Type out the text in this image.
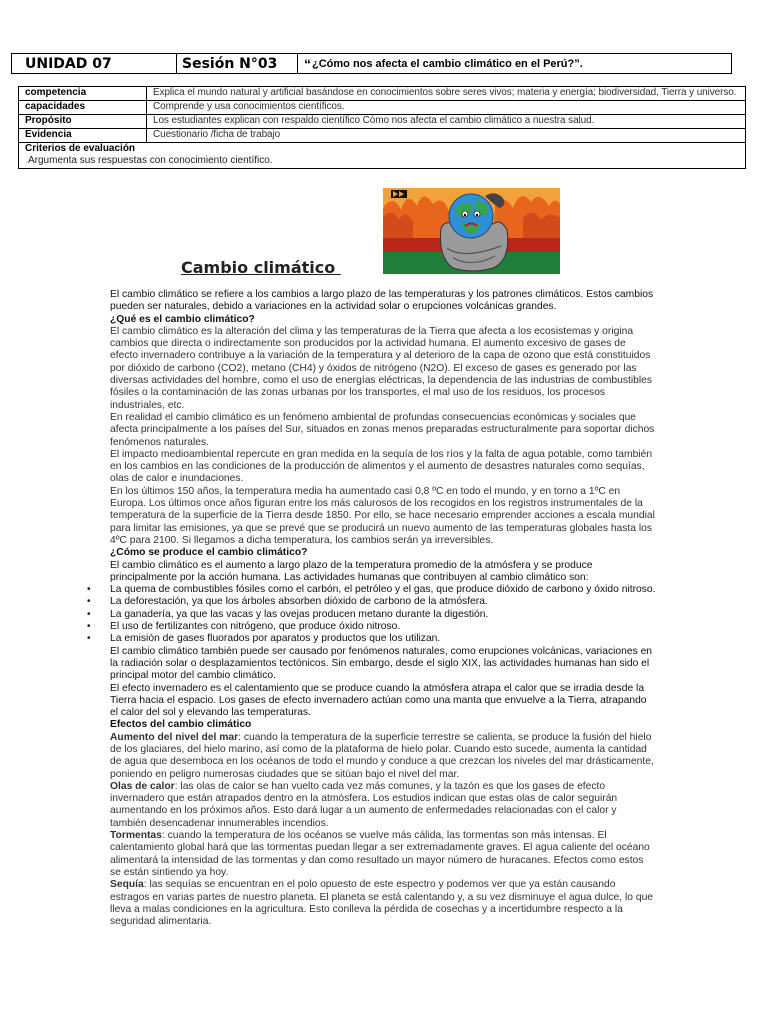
UNIDAD 07	Sesión N°03 “ ¿Cómo nos afecta el cambio climático en el Perú?”.
competencia	Explica el mundo natural y artificial basándose en conocimientos sobre seres vivos; materia y energía; biodiversidad, Tierra y universo.
capacidades	Comprende y usa conocimientos científicos.
Propósito	Los estudiantes explican con respaldo científico Cómo nos afecta el cambio climático a nuestra salud.
Evidencia	Cuestionario /ficha de trabajo
Criterios de evaluación
Argumenta sus respuestas con conocimiento científico.
Cambio climático

El cambio climático se refiere a los cambios a largo plazo de las temperaturas y los patrones climáticos. Estos cambios pueden ser naturales, debido a variaciones en la actividad solar o erupciones volcánicas grandes.

¿Qué es el cambio climático?

El cambio climático es la alteración del clima y las temperaturas de la Tierra que afecta a los ecosistemas y origina cambios que directa o indirectamente son producidos por la actividad humana. El aumento excesivo de gases de efecto invernadero contribuye a la variación de la temperatura y al deterioro de la capa de ozono que está constituidos por dióxido de carbono (CO2), metano (CH4) y óxidos de nitrógeno (N2O). El exceso de gases es generado por las diversas actividades del hombre, como el uso de energías eléctricas, la dependencia de las industrias de combustibles fósiles o la contaminación de las zonas urbanas por los transportes, el mal uso de los residuos, los procesos industriales, etc.

En realidad el cambio climático es un fenómeno ambiental de profundas consecuencias económicas y sociales que afecta principalmente a los países del Sur, situados en zonas menos preparadas estructuralmente para soportar dichos fenómenos naturales.

El impacto medioambiental repercute en gran medida en la sequía de los ríos y la falta de agua potable, como también en los cambios en las condiciones de la producción de alimentos y el aumento de desastres naturales como sequías, olas de calor e inundaciones.

En los últimos 150 años, la temperatura media ha aumentado casi 0,8 ºC en todo el mundo, y en torno a 1ºC en Europa. Los últimos once años figuran entre los más calurosos de los recogidos en los registros instrumentales de la temperatura de la superficie de la Tierra desde 1850. Por ello, se hace necesario emprender acciones a escala mundial para limitar las emisiones, ya que se prevé que se producirá un nuevo aumento de las temperaturas globales hasta los 4ºC para 2100. Si llegamos a dicha temperatura, los cambios serán ya irreversibles.

¿Cómo se produce el cambio climático?

El cambio climático es el aumento a largo plazo de la temperatura promedio de la atmósfera y se produce principalmente por la acción humana. Las actividades humanas que contribuyen al cambio climático son:

• La quema de combustibles fósiles como el carbón, el petróleo y el gas, que produce dióxido de carbono y óxido nitroso.
• La deforestación, ya que los árboles absorben dióxido de carbono de la atmósfera.
• La ganadería, ya que las vacas y las ovejas producen metano durante la digestión.
• El uso de fertilizantes con nitrógeno, que produce óxido nitroso.
• La emisión de gases fluorados por aparatos y productos que los utilizan.

El cambio climático también puede ser causado por fenómenos naturales, como erupciones volcánicas, variaciones en la radiación solar o desplazamientos tectónicos. Sin embargo, desde el siglo XIX, las actividades humanas han sido el principal motor del cambio climático.

El efecto invernadero es el calentamiento que se produce cuando la atmósfera atrapa el calor que se irradia desde la Tierra hacia el espacio. Los gases de efecto invernadero actúan como una manta que envuelve a la Tierra, atrapando el calor del sol y elevando las temperaturas.

Efectos del cambio climático

Aumento del nivel del mar: cuando la temperatura de la superficie terrestre se calienta, se produce la fusión del hielo de los glaciares, del hielo marino, así como de la plataforma de hielo polar. Cuando esto sucede, aumenta la cantidad de agua que desemboca en los océanos de todo el mundo y conduce a que crezcan los niveles del mar drásticamente, poniendo en peligro numerosas ciudades que se sitúan bajo el nivel del mar.

Olas de calor: las olas de calor se han vuelto cada vez más comunes, y la tazón es que los gases de efecto invernadero que están atrapados dentro en la atmósfera. Los estudios indican que estas olas de calor seguirán aumentando en los próximos años. Esto dará lugar a un aumento de enfermedades relacionadas con el calor y también desencadenar innumerables incendios.

Tormentas: cuando la temperatura de los océanos se vuelve más cálida, las tormentas son más intensas. El calentamiento global hará que las tormentas puedan llegar a ser extremadamente graves. El agua caliente del océano alimentará la intensidad de las tormentas y dan como resultado un mayor número de huracanes. Efectos como estos se están sintiendo ya hoy.

Sequía: las sequías se encuentran en el polo opuesto de este espectro y podemos ver que ya están causando estragos en varias partes de nuestro planeta. El planeta se está calentando y, a su vez disminuye el agua dulce, lo que lleva a malas condiciones en la agricultura. Esto conlleva la pérdida de cosechas y a incertidumbre respecto a la seguridad alimentaria.
